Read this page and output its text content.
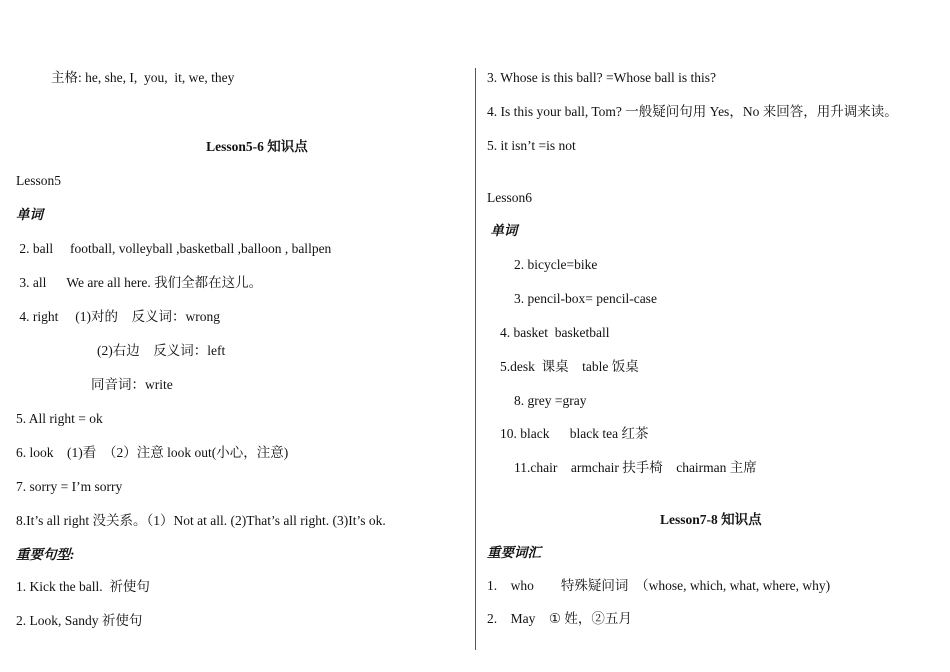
主格: he, she, I,  you,  it, we, they
Lesson5-6 知识点
Lesson5
单词
2. ball     football, volleyball ,basketball ,balloon , ballpen
3. all      We are all here. 我们全都在这儿。
4. right     (1)对的    反义词：wrong
(2)右边    反义词：left
同音词：write
5. All right = ok
6. look    (1)看  （2）注意 look out(小心，注意)
7. sorry = I’m sorry
8.It’s all right 没关系。（1）Not at all. (2)That’s all right. (3)It’s ok.
重要句型:
1. Kick the ball.  祈使句
2. Look, Sandy 祈使句
3. Whose is this ball? =Whose ball is this?
4. Is this your ball, Tom? 一般疑问句用 Yes，No 来回答，用升调来读。
5. it isn’t =is not
Lesson6
单词
2. bicycle=bike
3. pencil-box= pencil-case
4. basket  basketball
5.desk  课桌    table 饭桌
8. grey =gray
10. black      black tea 红茶
11.chair    armchair 扶手椅    chairman 主席
Lesson7-8 知识点
重要词汇
1.    who        特殊疑问词  （whose, which, what, where, why)
2.    May    ① 姓，②五月
